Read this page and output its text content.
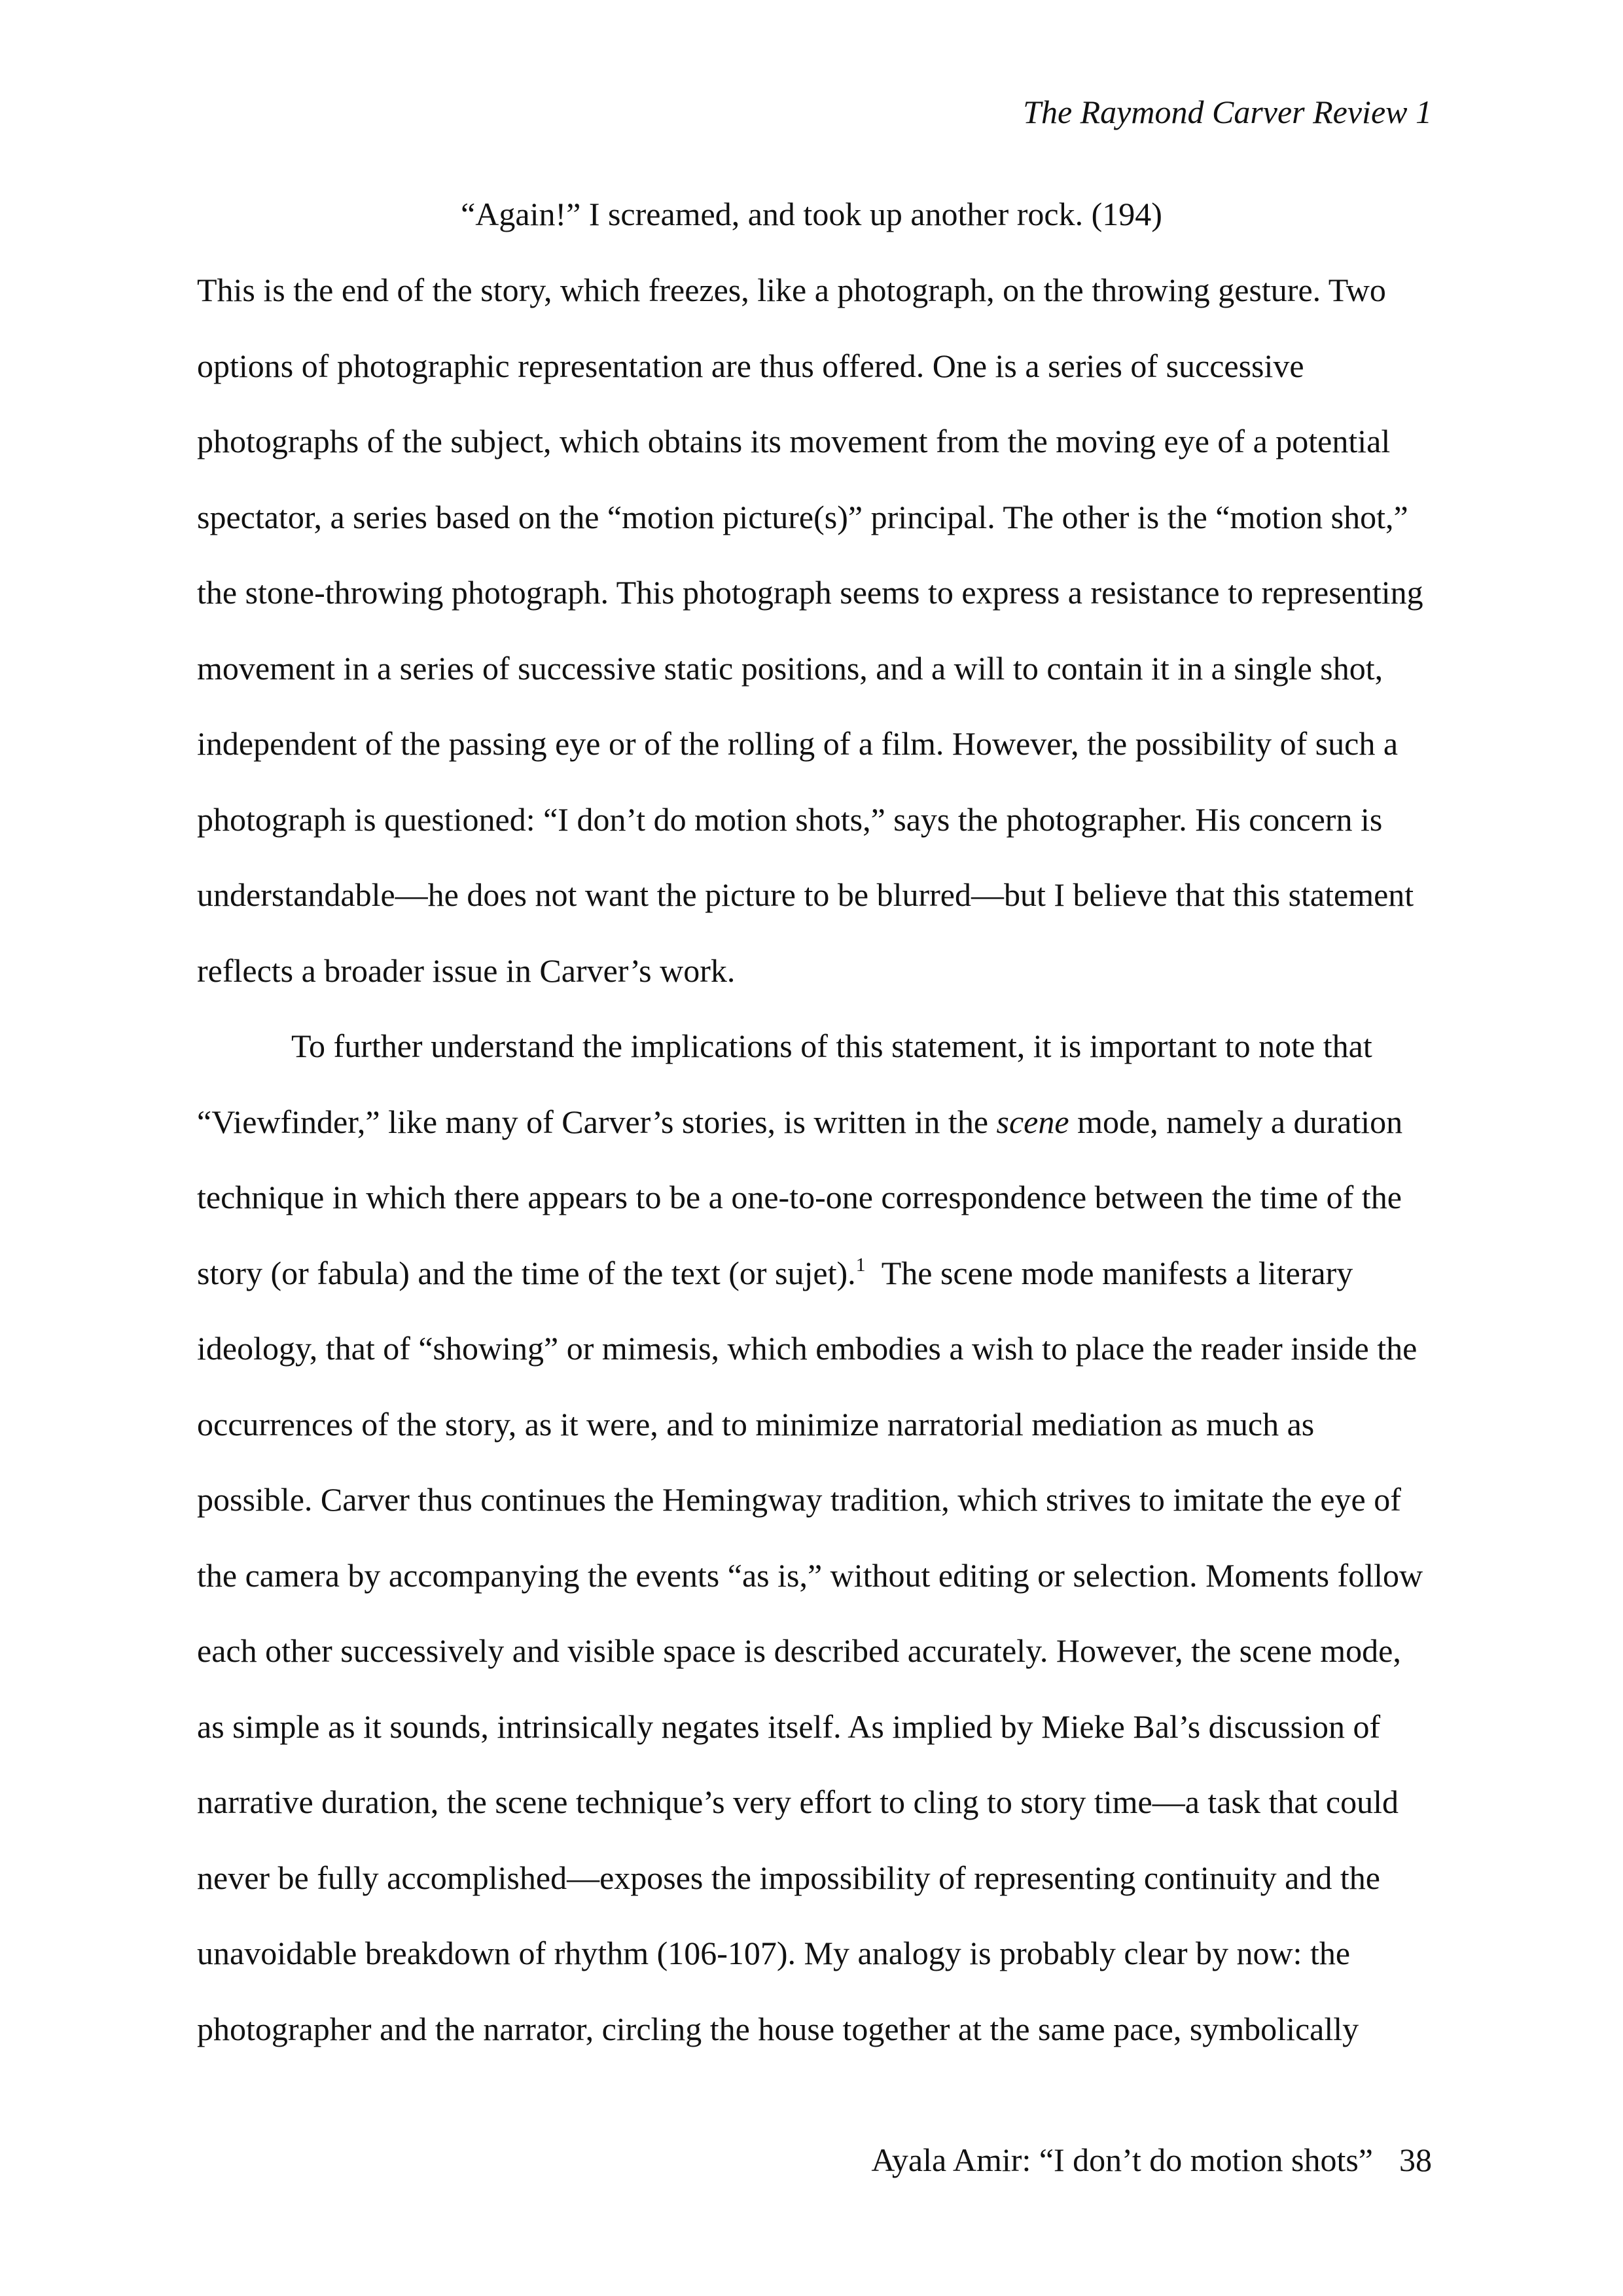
The Raymond Carver Review 1
“Again!” I screamed, and took up another rock. (194)
This is the end of the story, which freezes, like a photograph, on the throwing gesture. Two
options of photographic representation are thus offered. One is a series of successive
photographs of the subject, which obtains its movement from the moving eye of a potential
spectator, a series based on the “motion picture(s)” principal. The other is the “motion shot,”
the stone-throwing photograph. This photograph seems to express a resistance to representing
movement in a series of successive static positions, and a will to contain it in a single shot,
independent of the passing eye or of the rolling of a film. However, the possibility of such a
photograph is questioned: “I don’t do motion shots,” says the photographer. His concern is
understandable—he does not want the picture to be blurred—but I believe that this statement
reflects a broader issue in Carver’s work.
To further understand the implications of this statement, it is important to note that
“Viewfinder,” like many of Carver’s stories, is written in the scene mode, namely a duration
technique in which there appears to be a one-to-one correspondence between the time of the
story (or fabula) and the time of the text (or sujet).$^1$  The scene mode manifests a literary
ideology, that of “showing” or mimesis, which embodies a wish to place the reader inside the
occurrences of the story, as it were, and to minimize narratorial mediation as much as
possible. Carver thus continues the Hemingway tradition, which strives to imitate the eye of
the camera by accompanying the events “as is,” without editing or selection. Moments follow
each other successively and visible space is described accurately. However, the scene mode,
as simple as it sounds, intrinsically negates itself. As implied by Mieke Bal’s discussion of
narrative duration, the scene technique’s very effort to cling to story time—a task that could
never be fully accomplished—exposes the impossibility of representing continuity and the
unavoidable breakdown of rhythm (106-107). My analogy is probably clear by now: the
photographer and the narrator, circling the house together at the same pace, symbolically
Ayala Amir: “I don’t do motion shots” 38
